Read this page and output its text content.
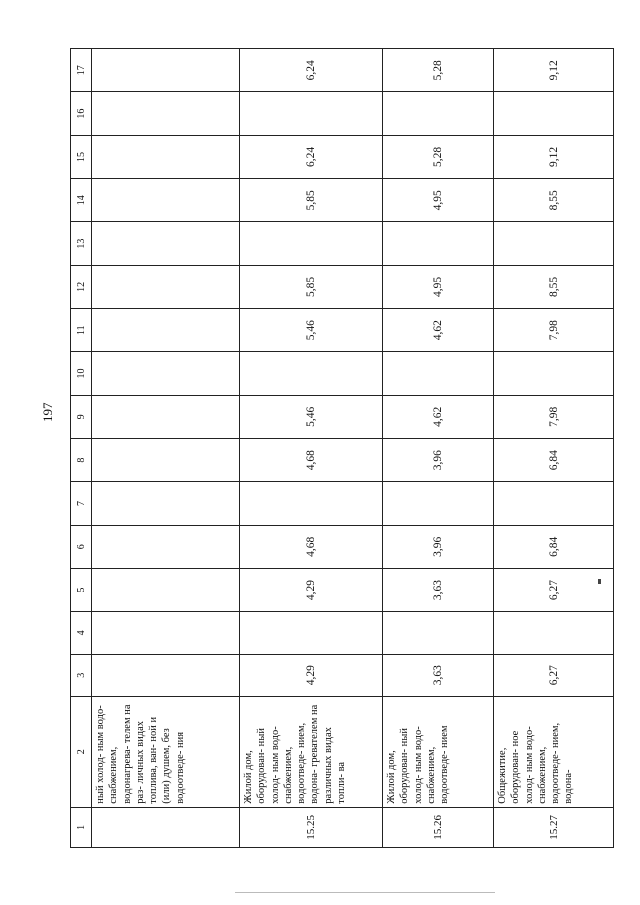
197
1	2	3	4	5	6	7	8	9	10	11	12	13	14	15	16	17
	ный холод- ным водо- снабжением, водонагрева- телем на раз- личных видах топлива, ван- ной и (или) душем, без водоотведе- ния															
15.25	Жилой дом, оборудован- ный холод- ным водо- снабжением, водоотведе- нием, водона- гревателем на различных видах топли- ва	4,29		4,29	4,68		4,68	5,46		5,46	5,85		5,85	6,24		6,24
15.26	Жилой дом, оборудован- ный холод- ным водо- снабжением, водоотведе- нием	3,63		3,63	3,96		3,96	4,62		4,62	4,95		4,95	5,28		5,28
15.27	Общежитие, оборудован- ное холод- ным водо- снабжением, водоотведе- нием, водона-	6,27		6,27	6,84		6,84	7,98		7,98	8,55		8,55	9,12		9,12
